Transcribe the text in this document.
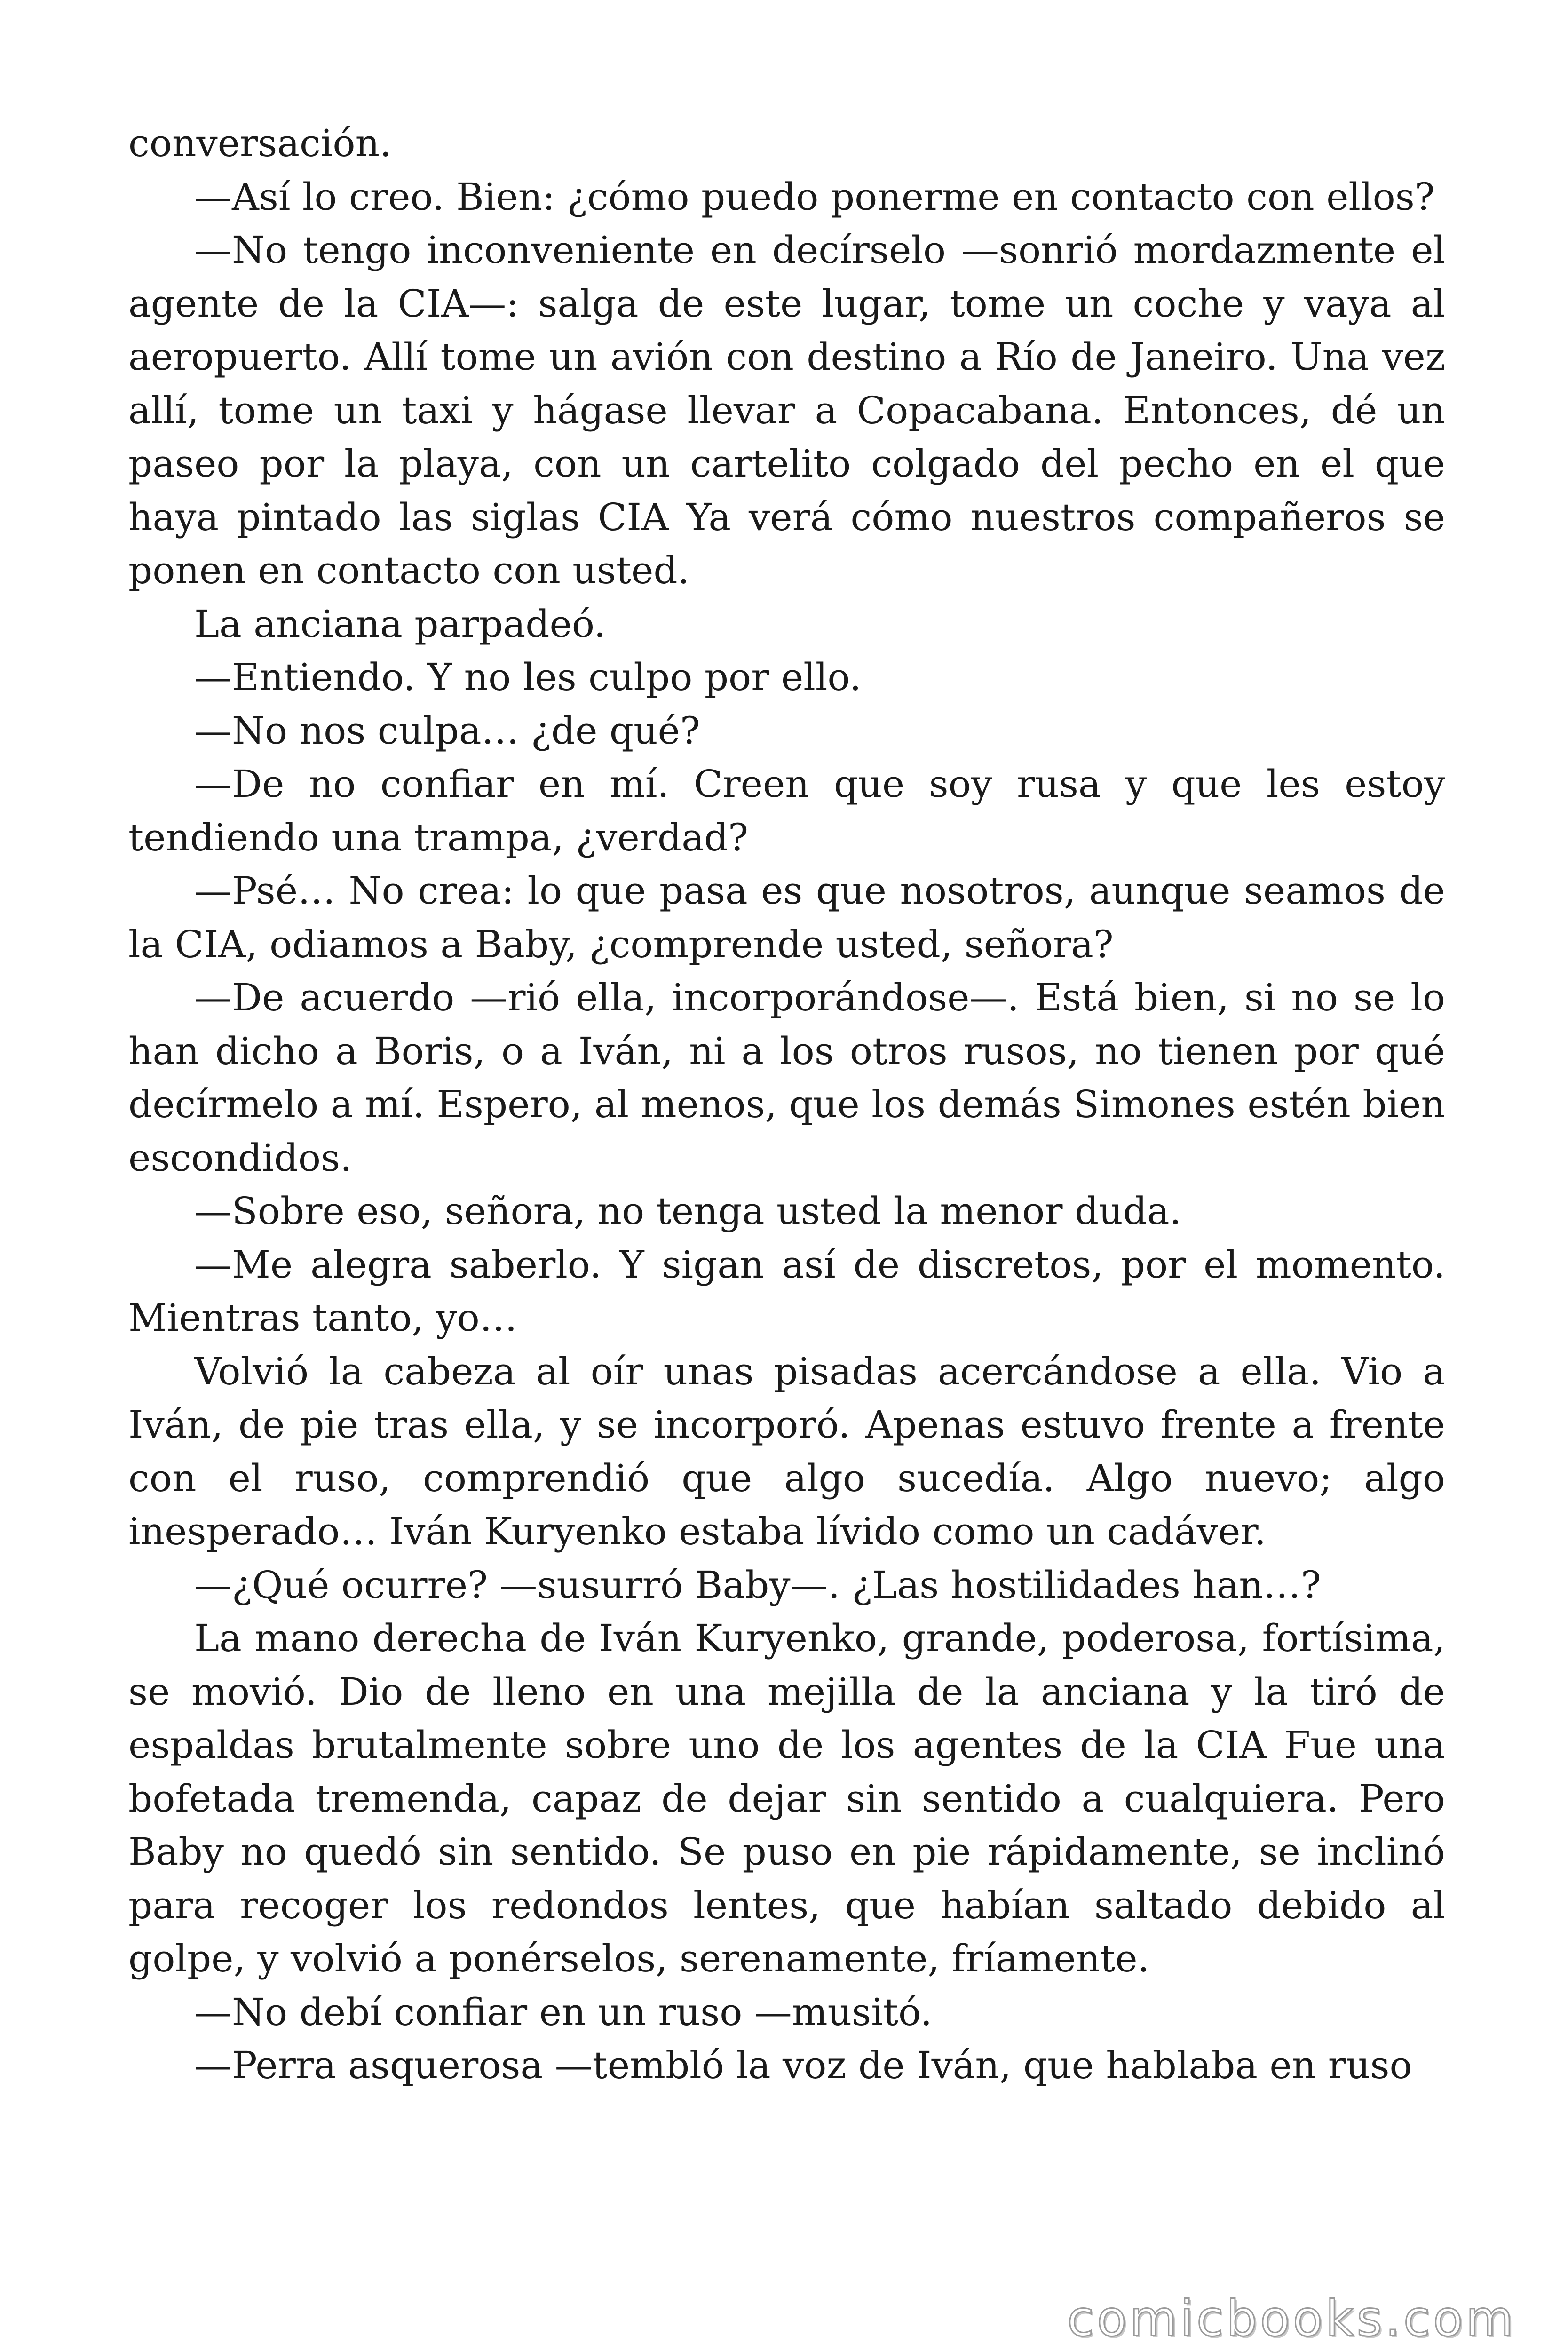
conversación.

—Así lo creo. Bien: ¿cómo puedo ponerme en contacto con ellos?

—No tengo inconveniente en decírselo —sonrió mordazmente el agente de la CIA—: salga de este lugar, tome un coche y vaya al aeropuerto. Allí tome un avión con destino a Río de Janeiro. Una vez allí, tome un taxi y hágase llevar a Copacabana. Entonces, dé un paseo por la playa, con un cartelito colgado del pecho en el que haya pintado las siglas CIA Ya verá cómo nuestros compañeros se ponen en contacto con usted.

La anciana parpadeó.

—Entiendo. Y no les culpo por ello.

—No nos culpa… ¿de qué?

—De no confiar en mí. Creen que soy rusa y que les estoy tendiendo una trampa, ¿verdad?

—Psé… No crea: lo que pasa es que nosotros, aunque seamos de la CIA, odiamos a Baby, ¿comprende usted, señora?

—De acuerdo —rió ella, incorporándose—. Está bien, si no se lo han dicho a Boris, o a Iván, ni a los otros rusos, no tienen por qué decírmelo a mí. Espero, al menos, que los demás Simones estén bien escondidos.

—Sobre eso, señora, no tenga usted la menor duda.

—Me alegra saberlo. Y sigan así de discretos, por el momento. Mientras tanto, yo…

Volvió la cabeza al oír unas pisadas acercándose a ella. Vio a Iván, de pie tras ella, y se incorporó. Apenas estuvo frente a frente con el ruso, comprendió que algo sucedía. Algo nuevo; algo inesperado… Iván Kuryenko estaba lívido como un cadáver.

—¿Qué ocurre? —susurró Baby—. ¿Las hostilidades han…?

La mano derecha de Iván Kuryenko, grande, poderosa, fortísima, se movió. Dio de lleno en una mejilla de la anciana y la tiró de espaldas brutalmente sobre uno de los agentes de la CIA Fue una bofetada tremenda, capaz de dejar sin sentido a cualquiera. Pero Baby no quedó sin sentido. Se puso en pie rápidamente, se inclinó para recoger los redondos lentes, que habían saltado debido al golpe, y volvió a ponérselos, serenamente, fríamente.

—No debí confiar en un ruso —musitó.

—Perra asquerosa —tembló la voz de Iván, que hablaba en ruso

comicbooks.com
